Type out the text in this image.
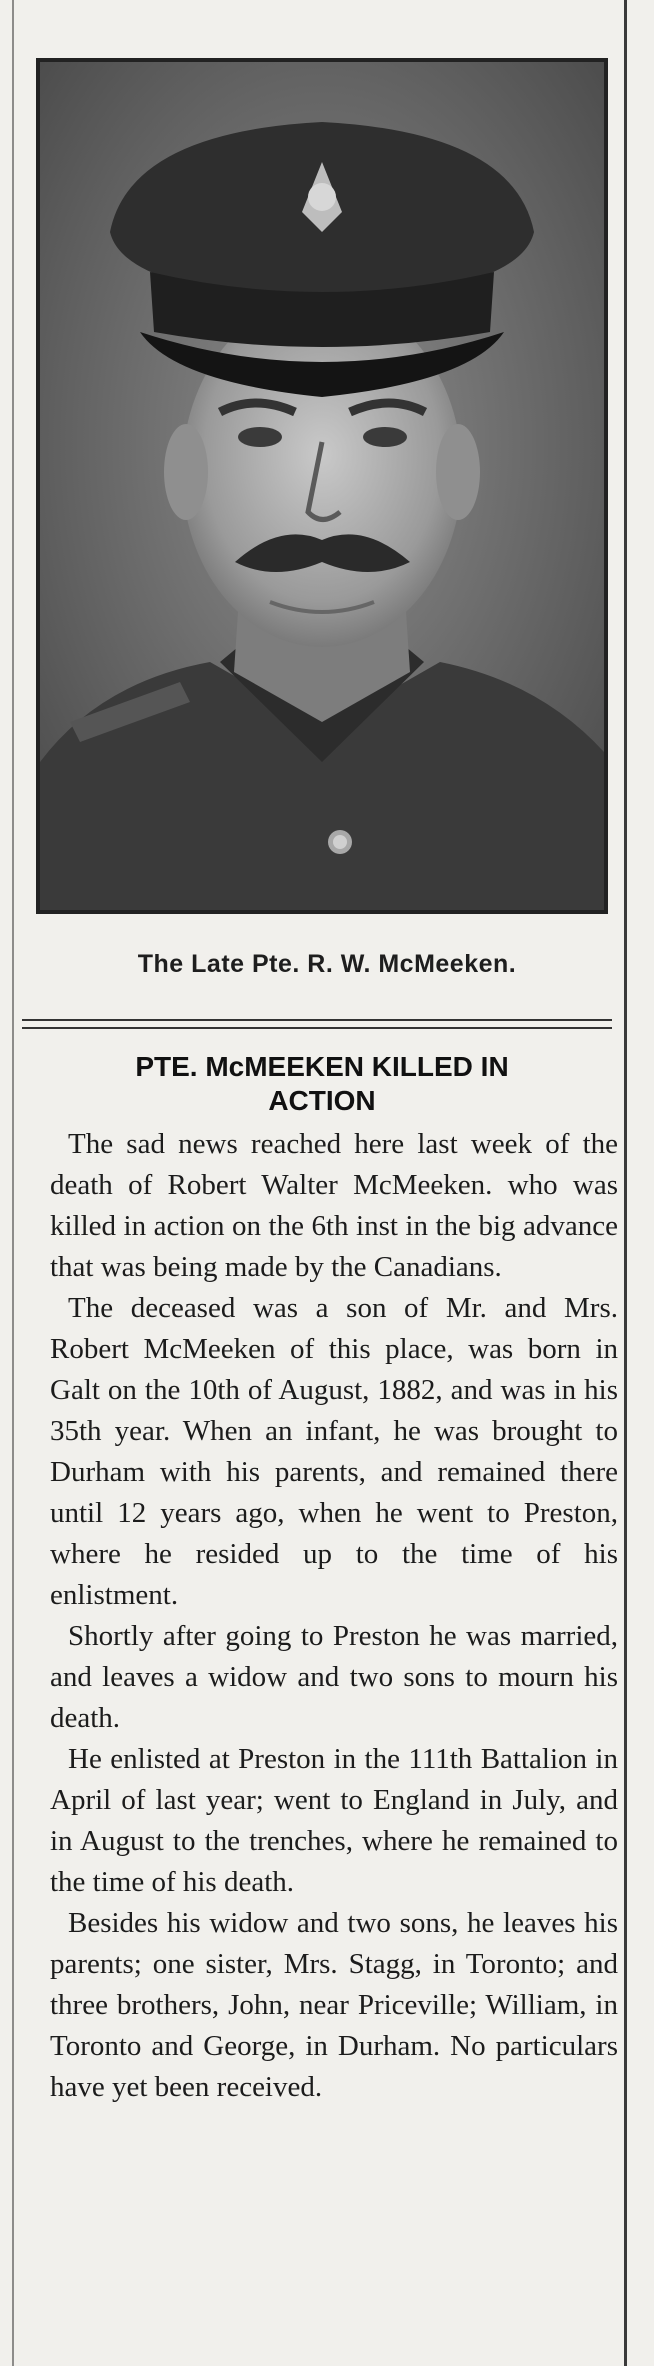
The Late Pte. R. W. McMeeken.
PTE. McMEEKEN KILLED IN
ACTION

The sad news reached here last week of the death of Robert Walter McMeeken. who was killed in action on the 6th inst in the big advance that was being made by the Canadians.

The deceased was a son of Mr. and Mrs. Robert McMeeken of this place, was born in Galt on the 10th of August, 1882, and was in his 35th year. When an infant, he was brought to Durham with his parents, and remained there until 12 years ago, when he went to Preston, where he resided up to the time of his enlistment.

Shortly after going to Preston he was married, and leaves a widow and two sons to mourn his death.

He enlisted at Preston in the 111th Battalion in April of last year; went to England in July, and in August to the trenches, where he remained to the time of his death.

Besides his widow and two sons, he leaves his parents; one sister, Mrs. Stagg, in Toronto; and three brothers, John, near Priceville; William, in Toronto and George, in Durham. No particulars have yet been received.
